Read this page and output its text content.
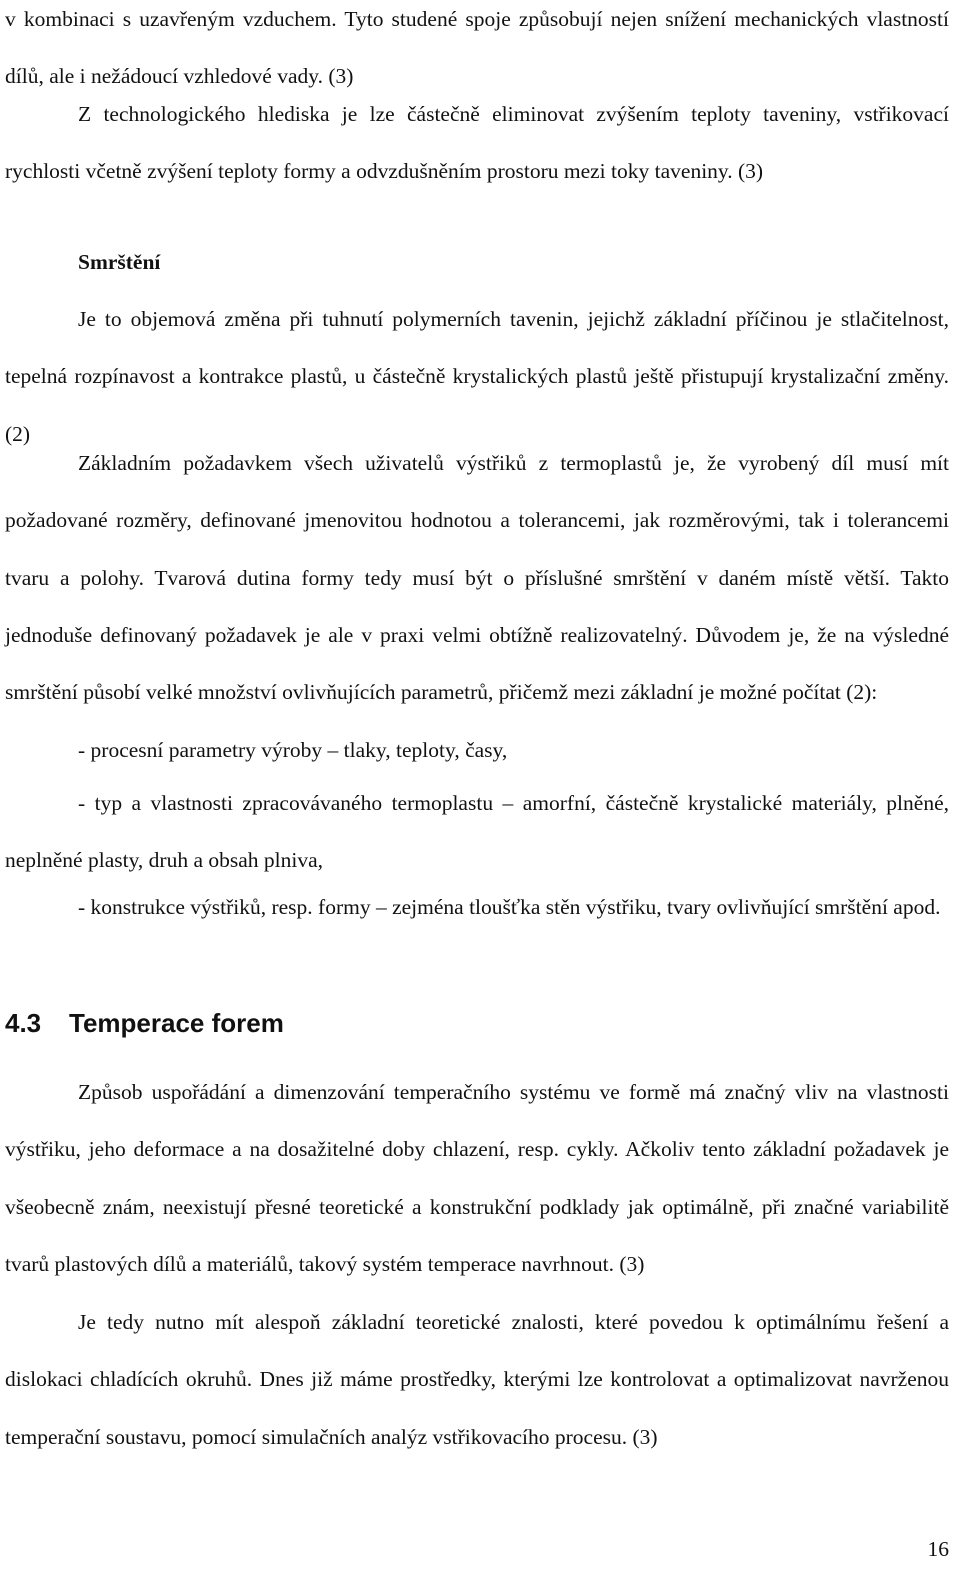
v kombinaci s uzavřeným vzduchem. Tyto studené spoje způsobují nejen snížení mechanických vlastností dílů, ale i nežádoucí vzhledové vady. (3)

Z technologického hlediska je lze částečně eliminovat zvýšením teploty taveniny, vstřikovací rychlosti včetně zvýšení teploty formy a odvzdušněním prostoru mezi toky taveniny. (3)

Smrštění

Je to objemová změna při tuhnutí polymerních tavenin, jejichž základní příčinou je stlačitelnost, tepelná rozpínavost a kontrakce plastů, u částečně krystalických plastů ještě přistupují krystalizační změny. (2)

Základním požadavkem všech uživatelů výstřiků z termoplastů je, že vyrobený díl musí mít požadované rozměry, definované jmenovitou hodnotou a tolerancemi, jak rozměrovými, tak i tolerancemi tvaru a polohy. Tvarová dutina formy tedy musí být o příslušné smrštění v daném místě větší. Takto jednoduše definovaný požadavek je ale v praxi velmi obtížně realizovatelný. Důvodem je, že na výsledné smrštění působí velké množství ovlivňujících parametrů, přičemž mezi základní je možné počítat (2):

- procesní parametry výroby – tlaky, teploty, časy,

- typ a vlastnosti zpracovávaného termoplastu – amorfní, částečně krystalické materiály, plněné, neplněné plasty, druh a obsah plniva,

- konstrukce výstřiků, resp. formy – zejména tloušťka stěn výstřiku, tvary ovlivňující smrštění apod.

4.3 Temperace forem

Způsob uspořádání a dimenzování temperačního systému ve formě má značný vliv na vlastnosti výstřiku, jeho deformace a na dosažitelné doby chlazení, resp. cykly. Ačkoliv tento základní požadavek je všeobecně znám, neexistují přesné teoretické a konstrukční podklady jak optimálně, při značné variabilitě tvarů plastových dílů a materiálů, takový systém temperace navrhnout. (3)

Je tedy nutno mít alespoň základní teoretické znalosti, které povedou k optimálnímu řešení a dislokaci chladících okruhů. Dnes již máme prostředky, kterými lze kontrolovat a optimalizovat navrženou temperační soustavu, pomocí simulačních analýz vstřikovacího procesu. (3)

16
